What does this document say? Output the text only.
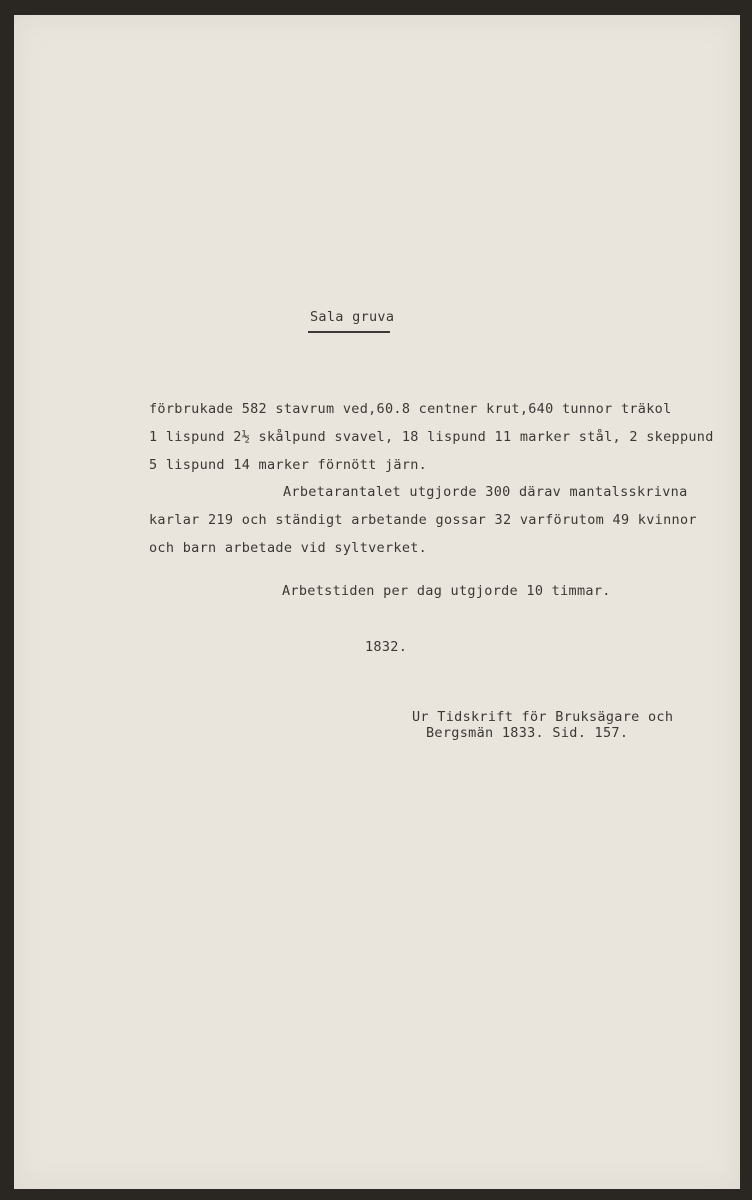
Sala gruva
förbrukade 582 stavrum ved,60.8 centner krut,640 tunnor träkol
1 lispund 2½ skålpund svavel, 18 lispund 11 marker stål, 2 skeppund
5 lispund 14 marker förnött järn.
Arbetarantalet utgjorde 300 därav mantalsskrivna
karlar 219 och ständigt arbetande gossar 32 varförutom 49 kvinnor
och barn arbetade vid syltverket.
Arbetstiden per dag utgjorde 10 timmar.
1832.
Ur Tidskrift för Bruksägare och
Bergsmän 1833. Sid. 157.
